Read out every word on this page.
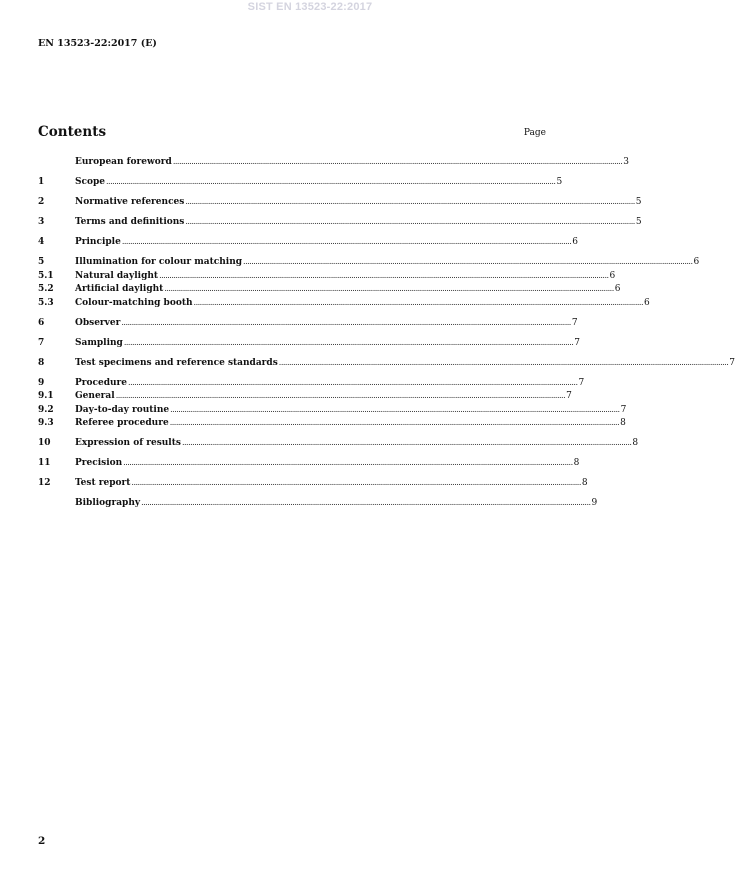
SIST EN 13523-22:2017
EN 13523-22:2017 (E)
Contents	Page
European foreword ............................................................................................................................................................................................................................ 3
1	Scope ............................................................................................................................................................................................................................ 5
2	Normative references ............................................................................................................................................................................................................................ 5
3	Terms and definitions ............................................................................................................................................................................................................................ 5
4	Principle ............................................................................................................................................................................................................................ 6
5	Illumination for colour matching ............................................................................................................................................................................................................................ 6
5.1	Natural daylight ............................................................................................................................................................................................................................ 6
5.2	Artificial daylight ............................................................................................................................................................................................................................ 6
5.3	Colour-matching booth ............................................................................................................................................................................................................................ 6
6	Observer ............................................................................................................................................................................................................................ 7
7	Sampling ............................................................................................................................................................................................................................ 7
8	Test specimens and reference standards ............................................................................................................................................................................................................................ 7
9	Procedure ............................................................................................................................................................................................................................ 7
9.1	General ............................................................................................................................................................................................................................ 7
9.2	Day-to-day routine ............................................................................................................................................................................................................................ 7
9.3	Referee procedure ............................................................................................................................................................................................................................ 8
10	Expression of results ............................................................................................................................................................................................................................ 8
11	Precision ............................................................................................................................................................................................................................ 8
12	Test report ............................................................................................................................................................................................................................ 8
Bibliography ............................................................................................................................................................................................................................ 9
2
